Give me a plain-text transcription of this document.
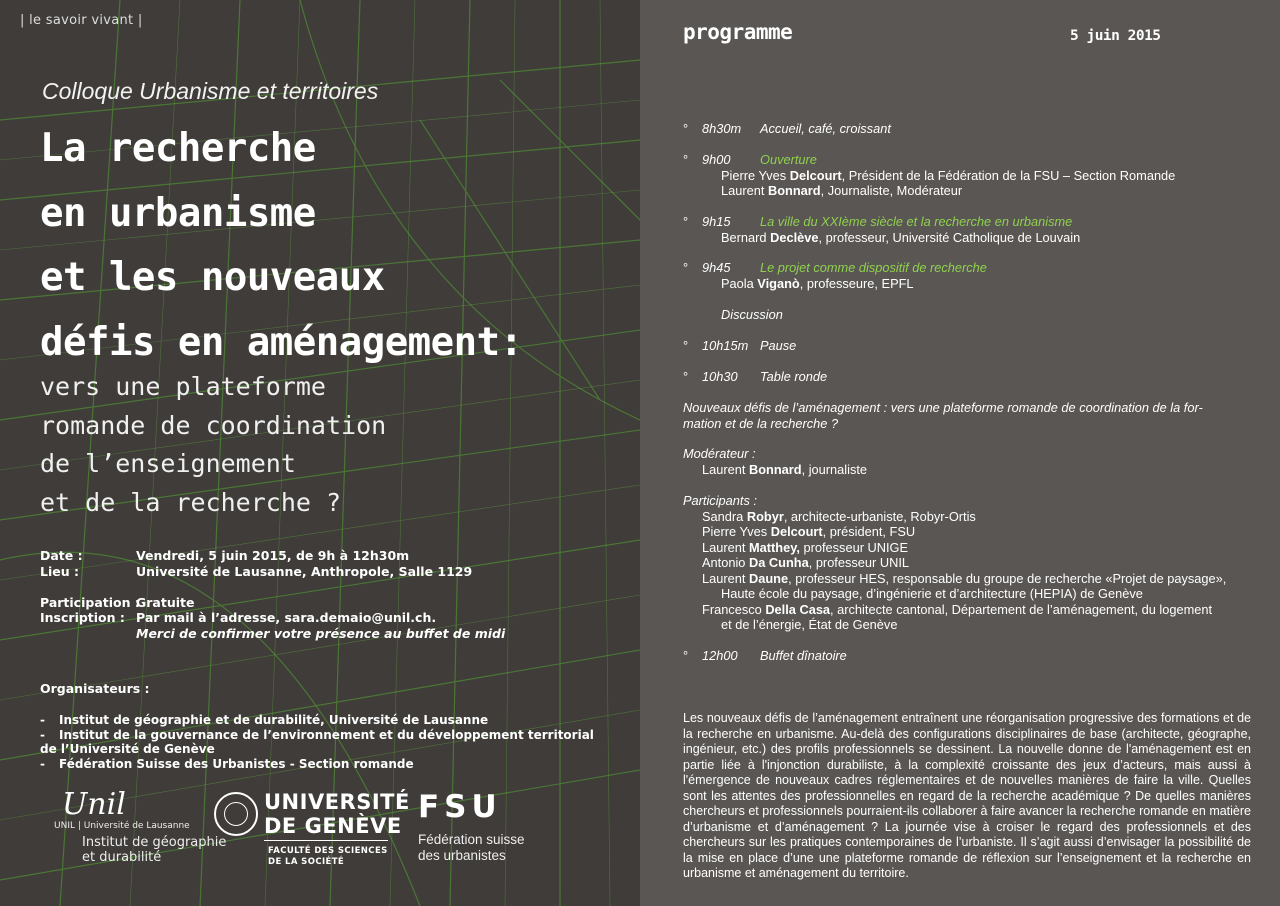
| le savoir vivant |
Colloque Urbanisme et territoires
La recherche
en urbanisme
et les nouveaux
défis en aménagement:
vers une plateforme
romande de coordination
de l’enseignement
et de la recherche ?
Date :	Vendredi, 5 juin 2015, de 9h à 12h30m
Lieu :	Université de Lausanne, Anthropole, Salle 1129
Participation :
Gratuite
Inscription : Par mail à l’adresse, sara.demaio@unil.ch.
Merci de confirmer votre présence au buffet de midi
Organisateurs :
- Institut de géographie et de durabilité, Université de Lausanne
- Institut de la gouvernance de l’environnement et du développement territorial
de l’Université de Genève
- Fédération Suisse des Urbanistes - Section romande
Unil
UNIL | Université de Lausanne
Institut de géographie
et durabilité
UNIVERSITÉ
DE GENÈVE
FACULTÉ DES SCIENCES
DE LA SOCIÉTÉ
FSU
Fédération suisse
des urbanistes
programme	5 juin 2015
° 8h30m Accueil, café, croissant
° 9h00 Ouverture
Pierre Yves Delcourt, Président de la Fédération de la FSU – Section Romande
Laurent Bonnard, Journaliste, Modérateur
° 9h15 La ville du XXIème siècle et la recherche en urbanisme
Bernard Declève, professeur, Université Catholique de Louvain
° 9h45 Le projet comme dispositif de recherche
Paola Viganò, professeure, EPFL
Discussion
° 10h15m Pause
° 10h30 Table ronde
Nouveaux défis de l’aménagement : vers une plateforme romande de coordination de la for-
mation et de la recherche ?
Modérateur :
Laurent Bonnard, journaliste
Participants :
Sandra Robyr, architecte-urbaniste, Robyr-Ortis
Pierre Yves Delcourt, président, FSU
Laurent Matthey, professeur UNIGE
Antonio Da Cunha, professeur UNIL
Laurent Daune, professeur HES, responsable du groupe de recherche «Projet de paysage»,
Haute école du paysage, d’ingénierie et d’architecture (HEPIA) de Genève
Francesco Della Casa, architecte cantonal, Département de l’aménagement, du logement
et de l’énergie, État de Genève
° 12h00 Buffet dînatoire
Les nouveaux défis de l’aménagement entraînent une réorganisation progressive des formations et de la recherche en urbanisme. Au-delà des configurations disciplinaires de base (architecte, géographe, ingénieur, etc.) des profils professionnels se dessinent. La nouvelle donne de l'aménagement est en partie liée à l'injonction durabiliste, à la complexité croissante des jeux d’acteurs, mais aussi à l'émergence de nouveaux cadres réglementaires et de nouvelles manières de faire la ville. Quelles sont les attentes des professionnelles en regard de la recherche académique ? De quelles manières chercheurs et professionnels pourraient-ils collaborer à faire avancer la recherche romande en matière d’urbanisme et d’aménagement ? La journée vise à croiser le regard des professionnels et des chercheurs sur les pratiques contemporaines de l’urbaniste. Il s’agit aussi d’envisager la possibilité de la mise en place d’une une plateforme romande de réflexion sur l’enseignement et la recherche en urbanisme et aménagement du territoire.
